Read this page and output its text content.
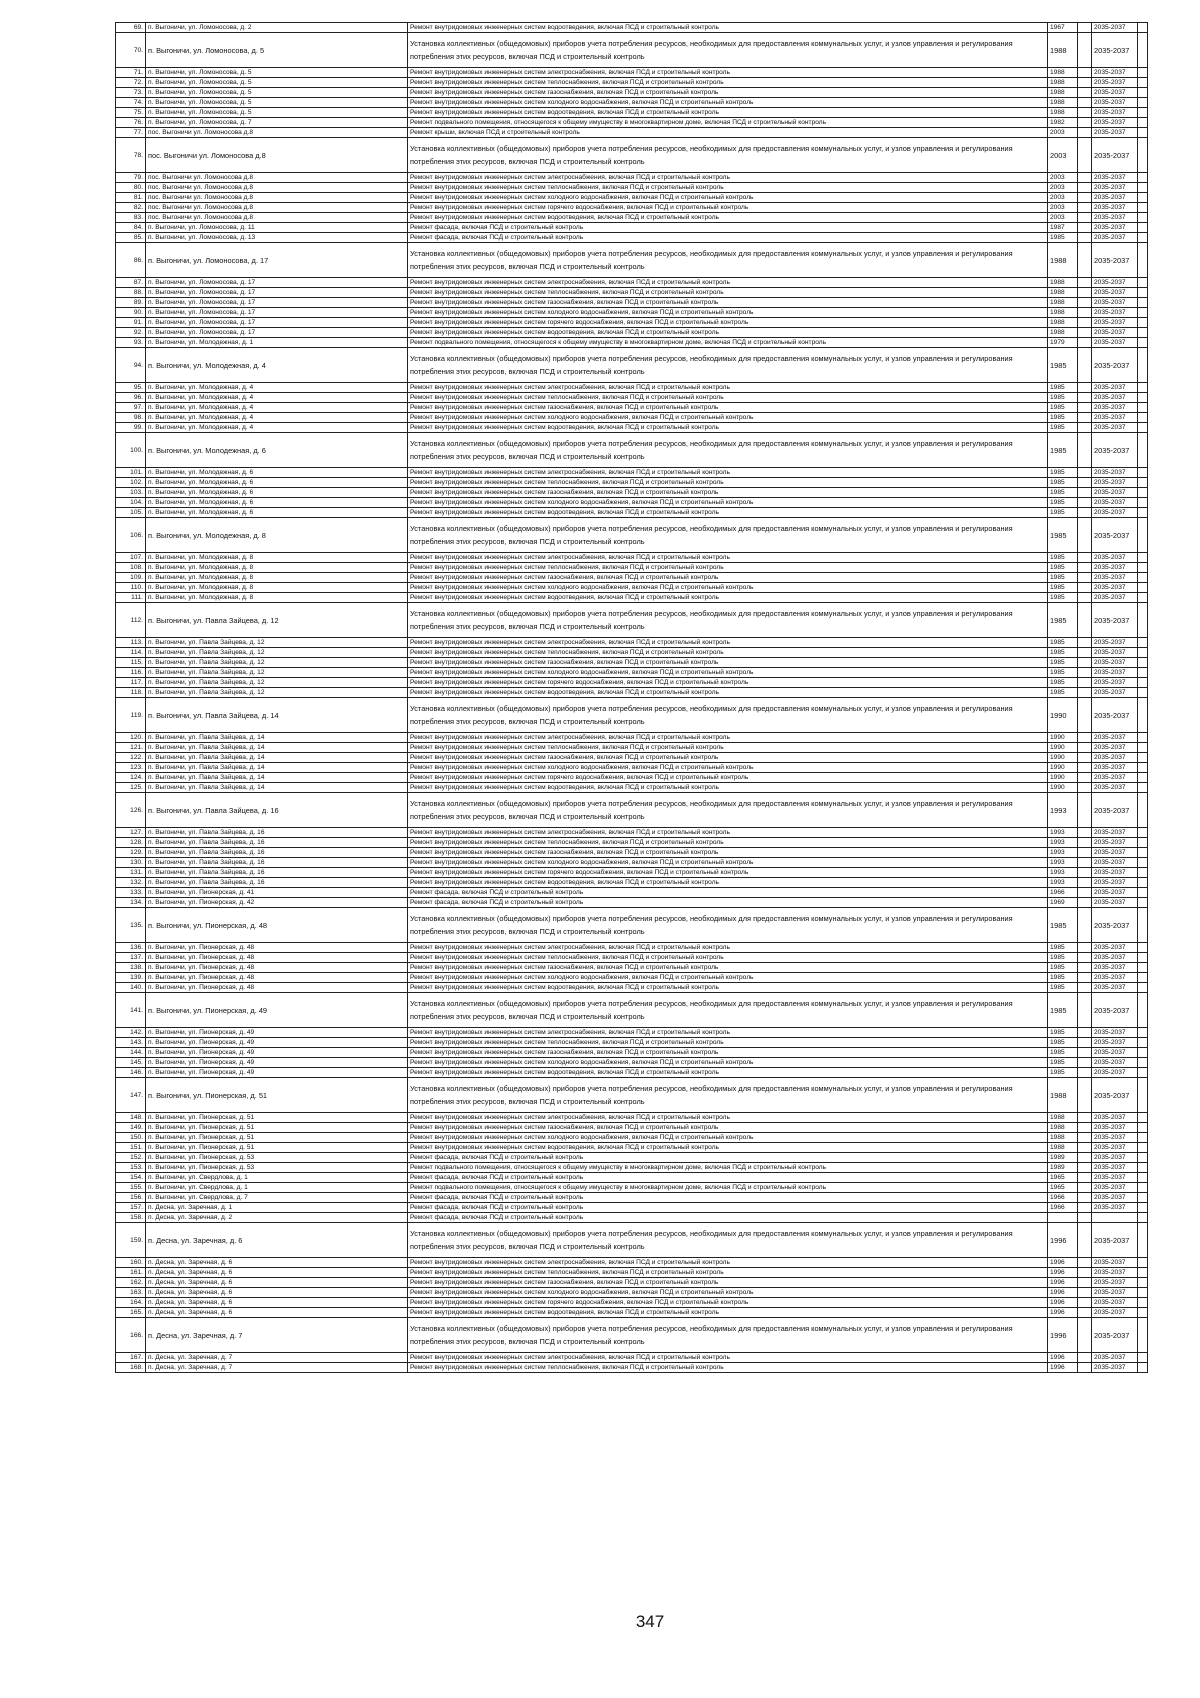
69.	п. Выгоничи, ул. Ломоносова, д. 2	Ремонт внутридомовых инженерных систем водоотведения, включая ПСД и строительный контроль	1967		2035-2037	
70.	п. Выгоничи, ул. Ломоносова, д. 5	Установка коллективных (общедомовых) приборов учета потребления ресурсов, необходимых для предоставления коммунальных услуг, и узлов управления и регулирования потребления этих ресурсов, включая ПСД и строительный контроль	1988		2035-2037	
71.	п. Выгоничи, ул. Ломоносова, д. 5	Ремонт внутридомовых инженерных систем электроснабжения, включая ПСД и строительный контроль	1988		2035-2037	
72.	п. Выгоничи, ул. Ломоносова, д. 5	Ремонт внутридомовых инженерных систем теплоснабжения, включая ПСД и строительный контроль	1988		2035-2037	
73.	п. Выгоничи, ул. Ломоносова, д. 5	Ремонт внутридомовых инженерных систем газоснабжения, включая ПСД и строительный контроль	1988		2035-2037	
74.	п. Выгоничи, ул. Ломоносова, д. 5	Ремонт внутридомовых инженерных систем холодного водоснабжения, включая ПСД и строительный контроль	1988		2035-2037	
75.	п. Выгоничи, ул. Ломоносова, д. 5	Ремонт внутридомовых инженерных систем водоотведения, включая ПСД и строительный контроль	1988		2035-2037	
76.	п. Выгоничи, ул. Ломоносова, д. 7	Ремонт подвального помещения, относящегося к общему имуществу в многоквартирном доме, включая ПСД и строительный контроль	1982		2035-2037	
77.	пос. Выгоничи ул. Ломоносова д.8	Ремонт крыши, включая ПСД и строительный контроль	2003		2035-2037	
78.	пос. Выгоничи ул. Ломоносова д.8	Установка коллективных (общедомовых) приборов учета потребления ресурсов, необходимых для предоставления коммунальных услуг, и узлов управления и регулирования потребления этих ресурсов, включая ПСД и строительный контроль	2003		2035-2037	
79.	пос. Выгоничи ул. Ломоносова д.8	Ремонт внутридомовых инженерных систем электроснабжения, включая ПСД и строительный контроль	2003		2035-2037	
80.	пос. Выгоничи ул. Ломоносова д.8	Ремонт внутридомовых инженерных систем теплоснабжения, включая ПСД и строительный контроль	2003		2035-2037	
81.	пос. Выгоничи ул. Ломоносова д.8	Ремонт внутридомовых инженерных систем холодного водоснабжения, включая ПСД и строительный контроль	2003		2035-2037	
82.	пос. Выгоничи ул. Ломоносова д.8	Ремонт внутридомовых инженерных систем горячего водоснабжения, включая ПСД и строительный контроль	2003		2035-2037	
83.	пос. Выгоничи ул. Ломоносова д.8	Ремонт внутридомовых инженерных систем водоотведения, включая ПСД и строительный контроль	2003		2035-2037	
84.	п. Выгоничи, ул. Ломоносова, д. 11	Ремонт фасада, включая ПСД и строительный контроль	1987		2035-2037	
85.	п. Выгоничи, ул. Ломоносова, д. 13	Ремонт фасада, включая ПСД и строительный контроль	1985		2035-2037	
86.	п. Выгоничи, ул. Ломоносова, д. 17	Установка коллективных (общедомовых) приборов учета потребления ресурсов, необходимых для предоставления коммунальных услуг, и узлов управления и регулирования потребления этих ресурсов, включая ПСД и строительный контроль	1988		2035-2037	
87.	п. Выгоничи, ул. Ломоносова, д. 17	Ремонт внутридомовых инженерных систем электроснабжения, включая ПСД и строительный контроль	1988		2035-2037	
88.	п. Выгоничи, ул. Ломоносова, д. 17	Ремонт внутридомовых инженерных систем теплоснабжения, включая ПСД и строительный контроль	1988		2035-2037	
89.	п. Выгоничи, ул. Ломоносова, д. 17	Ремонт внутридомовых инженерных систем газоснабжения, включая ПСД и строительный контроль	1988		2035-2037	
90.	п. Выгоничи, ул. Ломоносова, д. 17	Ремонт внутридомовых инженерных систем холодного водоснабжения, включая ПСД и строительный контроль	1988		2035-2037	
91.	п. Выгоничи, ул. Ломоносова, д. 17	Ремонт внутридомовых инженерных систем горячего водоснабжения, включая ПСД и строительный контроль	1988		2035-2037	
92.	п. Выгоничи, ул. Ломоносова, д. 17	Ремонт внутридомовых инженерных систем водоотведения, включая ПСД и строительный контроль	1988		2035-2037	
93.	п. Выгоничи, ул. Молодежная, д. 1	Ремонт подвального помещения, относящегося к общему имуществу в многоквартирном доме, включая ПСД и строительный контроль	1979		2035-2037	
94.	п. Выгоничи, ул. Молодежная, д. 4	Установка коллективных (общедомовых) приборов учета потребления ресурсов, необходимых для предоставления коммунальных услуг, и узлов управления и регулирования потребления этих ресурсов, включая ПСД и строительный контроль	1985		2035-2037	
95.	п. Выгоничи, ул. Молодежная, д. 4	Ремонт внутридомовых инженерных систем электроснабжения, включая ПСД и строительный контроль	1985		2035-2037	
96.	п. Выгоничи, ул. Молодежная, д. 4	Ремонт внутридомовых инженерных систем теплоснабжения, включая ПСД и строительный контроль	1985		2035-2037	
97.	п. Выгоничи, ул. Молодежная, д. 4	Ремонт внутридомовых инженерных систем газоснабжения, включая ПСД и строительный контроль	1985		2035-2037	
98.	п. Выгоничи, ул. Молодежная, д. 4	Ремонт внутридомовых инженерных систем холодного водоснабжения, включая ПСД и строительный контроль	1985		2035-2037	
99.	п. Выгоничи, ул. Молодежная, д. 4	Ремонт внутридомовых инженерных систем водоотведения, включая ПСД и строительный контроль	1985		2035-2037	
100.	п. Выгоничи, ул. Молодежная, д. 6	Установка коллективных (общедомовых) приборов учета потребления ресурсов, необходимых для предоставления коммунальных услуг, и узлов управления и регулирования потребления этих ресурсов, включая ПСД и строительный контроль	1985		2035-2037	
101.	п. Выгоничи, ул. Молодежная, д. 6	Ремонт внутридомовых инженерных систем электроснабжения, включая ПСД и строительный контроль	1985		2035-2037	
102.	п. Выгоничи, ул. Молодежная, д. 6	Ремонт внутридомовых инженерных систем теплоснабжения, включая ПСД и строительный контроль	1985		2035-2037	
103.	п. Выгоничи, ул. Молодежная, д. 6	Ремонт внутридомовых инженерных систем газоснабжения, включая ПСД и строительный контроль	1985		2035-2037	
104.	п. Выгоничи, ул. Молодежная, д. 6	Ремонт внутридомовых инженерных систем холодного водоснабжения, включая ПСД и строительный контроль	1985		2035-2037	
105.	п. Выгоничи, ул. Молодежная, д. 6	Ремонт внутридомовых инженерных систем водоотведения, включая ПСД и строительный контроль	1985		2035-2037	
106.	п. Выгоничи, ул. Молодежная, д. 8	Установка коллективных (общедомовых) приборов учета потребления ресурсов, необходимых для предоставления коммунальных услуг, и узлов управления и регулирования потребления этих ресурсов, включая ПСД и строительный контроль	1985		2035-2037	
107.	п. Выгоничи, ул. Молодежная, д. 8	Ремонт внутридомовых инженерных систем электроснабжения, включая ПСД и строительный контроль	1985		2035-2037	
108.	п. Выгоничи, ул. Молодежная, д. 8	Ремонт внутридомовых инженерных систем теплоснабжения, включая ПСД и строительный контроль	1985		2035-2037	
109.	п. Выгоничи, ул. Молодежная, д. 8	Ремонт внутридомовых инженерных систем газоснабжения, включая ПСД и строительный контроль	1985		2035-2037	
110.	п. Выгоничи, ул. Молодежная, д. 8	Ремонт внутридомовых инженерных систем холодного водоснабжения, включая ПСД и строительный контроль	1985		2035-2037	
111.	п. Выгоничи, ул. Молодежная, д. 8	Ремонт внутридомовых инженерных систем водоотведения, включая ПСД и строительный контроль	1985		2035-2037	
112.	п. Выгоничи, ул. Павла Зайцева, д. 12	Установка коллективных (общедомовых) приборов учета потребления ресурсов, необходимых для предоставления коммунальных услуг, и узлов управления и регулирования потребления этих ресурсов, включая ПСД и строительный контроль	1985		2035-2037	
113.	п. Выгоничи, ул. Павла Зайцева, д. 12	Ремонт внутридомовых инженерных систем электроснабжения, включая ПСД и строительный контроль	1985		2035-2037	
114.	п. Выгоничи, ул. Павла Зайцева, д. 12	Ремонт внутридомовых инженерных систем теплоснабжения, включая ПСД и строительный контроль	1985		2035-2037	
115.	п. Выгоничи, ул. Павла Зайцева, д. 12	Ремонт внутридомовых инженерных систем газоснабжения, включая ПСД и строительный контроль	1985		2035-2037	
116.	п. Выгоничи, ул. Павла Зайцева, д. 12	Ремонт внутридомовых инженерных систем холодного водоснабжения, включая ПСД и строительный контроль	1985		2035-2037	
117.	п. Выгоничи, ул. Павла Зайцева, д. 12	Ремонт внутридомовых инженерных систем горячего водоснабжения, включая ПСД и строительный контроль	1985		2035-2037	
118.	п. Выгоничи, ул. Павла Зайцева, д. 12	Ремонт внутридомовых инженерных систем водоотведения, включая ПСД и строительный контроль	1985		2035-2037	
119.	п. Выгоничи, ул. Павла Зайцева, д. 14	Установка коллективных (общедомовых) приборов учета потребления ресурсов, необходимых для предоставления коммунальных услуг, и узлов управления и регулирования потребления этих ресурсов, включая ПСД и строительный контроль	1990		2035-2037	
120.	п. Выгоничи, ул. Павла Зайцева, д. 14	Ремонт внутридомовых инженерных систем электроснабжения, включая ПСД и строительный контроль	1990		2035-2037	
121.	п. Выгоничи, ул. Павла Зайцева, д. 14	Ремонт внутридомовых инженерных систем теплоснабжения, включая ПСД и строительный контроль	1990		2035-2037	
122.	п. Выгоничи, ул. Павла Зайцева, д. 14	Ремонт внутридомовых инженерных систем газоснабжения, включая ПСД и строительный контроль	1990		2035-2037	
123.	п. Выгоничи, ул. Павла Зайцева, д. 14	Ремонт внутридомовых инженерных систем холодного водоснабжения, включая ПСД и строительный контроль	1990		2035-2037	
124.	п. Выгоничи, ул. Павла Зайцева, д. 14	Ремонт внутридомовых инженерных систем горячего водоснабжения, включая ПСД и строительный контроль	1990		2035-2037	
125.	п. Выгоничи, ул. Павла Зайцева, д. 14	Ремонт внутридомовых инженерных систем водоотведения, включая ПСД и строительный контроль	1990		2035-2037	
126.	п. Выгоничи, ул. Павла Зайцева, д. 16	Установка коллективных (общедомовых) приборов учета потребления ресурсов, необходимых для предоставления коммунальных услуг, и узлов управления и регулирования потребления этих ресурсов, включая ПСД и строительный контроль	1993		2035-2037	
127.	п. Выгоничи, ул. Павла Зайцева, д. 16	Ремонт внутридомовых инженерных систем электроснабжения, включая ПСД и строительный контроль	1993		2035-2037	
128.	п. Выгоничи, ул. Павла Зайцева, д. 16	Ремонт внутридомовых инженерных систем теплоснабжения, включая ПСД и строительный контроль	1993		2035-2037	
129.	п. Выгоничи, ул. Павла Зайцева, д. 16	Ремонт внутридомовых инженерных систем газоснабжения, включая ПСД и строительный контроль	1993		2035-2037	
130.	п. Выгоничи, ул. Павла Зайцева, д. 16	Ремонт внутридомовых инженерных систем холодного водоснабжения, включая ПСД и строительный контроль	1993		2035-2037	
131.	п. Выгоничи, ул. Павла Зайцева, д. 16	Ремонт внутридомовых инженерных систем горячего водоснабжения, включая ПСД и строительный контроль	1993		2035-2037	
132.	п. Выгоничи, ул. Павла Зайцева, д. 16	Ремонт внутридомовых инженерных систем водоотведения, включая ПСД и строительный контроль	1993		2035-2037	
133.	п. Выгоничи, ул. Пионерская, д. 41	Ремонт фасада, включая ПСД и строительный контроль	1966		2035-2037	
134.	п. Выгоничи, ул. Пионерская, д. 42	Ремонт фасада, включая ПСД и строительный контроль	1969		2035-2037	
135.	п. Выгоничи, ул. Пионерская, д. 48	Установка коллективных (общедомовых) приборов учета потребления ресурсов, необходимых для предоставления коммунальных услуг, и узлов управления и регулирования потребления этих ресурсов, включая ПСД и строительный контроль	1985		2035-2037	
136.	п. Выгоничи, ул. Пионерская, д. 48	Ремонт внутридомовых инженерных систем электроснабжения, включая ПСД и строительный контроль	1985		2035-2037	
137.	п. Выгоничи, ул. Пионерская, д. 48	Ремонт внутридомовых инженерных систем теплоснабжения, включая ПСД и строительный контроль	1985		2035-2037	
138.	п. Выгоничи, ул. Пионерская, д. 48	Ремонт внутридомовых инженерных систем газоснабжения, включая ПСД и строительный контроль	1985		2035-2037	
139.	п. Выгоничи, ул. Пионерская, д. 48	Ремонт внутридомовых инженерных систем холодного водоснабжения, включая ПСД и строительный контроль	1985		2035-2037	
140.	п. Выгоничи, ул. Пионерская, д. 48	Ремонт внутридомовых инженерных систем водоотведения, включая ПСД и строительный контроль	1985		2035-2037	
141.	п. Выгоничи, ул. Пионерская, д. 49	Установка коллективных (общедомовых) приборов учета потребления ресурсов, необходимых для предоставления коммунальных услуг, и узлов управления и регулирования потребления этих ресурсов, включая ПСД и строительный контроль	1985		2035-2037	
142.	п. Выгоничи, ул. Пионерская, д. 49	Ремонт внутридомовых инженерных систем электроснабжения, включая ПСД и строительный контроль	1985		2035-2037	
143.	п. Выгоничи, ул. Пионерская, д. 49	Ремонт внутридомовых инженерных систем теплоснабжения, включая ПСД и строительный контроль	1985		2035-2037	
144.	п. Выгоничи, ул. Пионерская, д. 49	Ремонт внутридомовых инженерных систем газоснабжения, включая ПСД и строительный контроль	1985		2035-2037	
145.	п. Выгоничи, ул. Пионерская, д. 49	Ремонт внутридомовых инженерных систем холодного водоснабжения, включая ПСД и строительный контроль	1985		2035-2037	
146.	п. Выгоничи, ул. Пионерская, д. 49	Ремонт внутридомовых инженерных систем водоотведения, включая ПСД и строительный контроль	1985		2035-2037	
147.	п. Выгоничи, ул. Пионерская, д. 51	Установка коллективных (общедомовых) приборов учета потребления ресурсов, необходимых для предоставления коммунальных услуг, и узлов управления и регулирования потребления этих ресурсов, включая ПСД и строительный контроль	1988		2035-2037	
148.	п. Выгоничи, ул. Пионерская, д. 51	Ремонт внутридомовых инженерных систем электроснабжения, включая ПСД и строительный контроль	1988		2035-2037	
149.	п. Выгоничи, ул. Пионерская, д. 51	Ремонт внутридомовых инженерных систем газоснабжения, включая ПСД и строительный контроль	1988		2035-2037	
150.	п. Выгоничи, ул. Пионерская, д. 51	Ремонт внутридомовых инженерных систем холодного водоснабжения, включая ПСД и строительный контроль	1988		2035-2037	
151.	п. Выгоничи, ул. Пионерская, д. 51	Ремонт внутридомовых инженерных систем водоотведения, включая ПСД и строительный контроль	1988		2035-2037	
152.	п. Выгоничи, ул. Пионерская, д. 53	Ремонт фасада, включая ПСД и строительный контроль	1989		2035-2037	
153.	п. Выгоничи, ул. Пионерская, д. 53	Ремонт подвального помещения, относящегося к общему имуществу в многоквартирном доме, включая ПСД и строительный контроль	1989		2035-2037	
154.	п. Выгоничи, ул. Свердлова, д. 1	Ремонт фасада, включая ПСД и строительный контроль	1965		2035-2037	
155.	п. Выгоничи, ул. Свердлова, д. 1	Ремонт подвального помещения, относящегося к общему имуществу в многоквартирном доме, включая ПСД и строительный контроль	1965		2035-2037	
156.	п. Выгоничи, ул. Свердлова, д. 7	Ремонт фасада, включая ПСД и строительный контроль	1966		2035-2037	
157.	п. Десна, ул. Заречная, д. 1	Ремонт фасада, включая ПСД и строительный контроль	1966		2035-2037	
158.	п. Десна, ул. Заречная, д. 2	Ремонт фасада, включая ПСД и строительный контроль				
159.	п. Десна, ул. Заречная, д. 6	Установка коллективных (общедомовых) приборов учета потребления ресурсов, необходимых для предоставления коммунальных услуг, и узлов управления и регулирования потребления этих ресурсов, включая ПСД и строительный контроль	1996		2035-2037	
160.	п. Десна, ул. Заречная, д. 6	Ремонт внутридомовых инженерных систем электроснабжения, включая ПСД и строительный контроль	1996		2035-2037	
161.	п. Десна, ул. Заречная, д. 6	Ремонт внутридомовых инженерных систем теплоснабжения, включая ПСД и строительный контроль	1996		2035-2037	
162.	п. Десна, ул. Заречная, д. 6	Ремонт внутридомовых инженерных систем газоснабжения, включая ПСД и строительный контроль	1996		2035-2037	
163.	п. Десна, ул. Заречная, д. 6	Ремонт внутридомовых инженерных систем холодного водоснабжения, включая ПСД и строительный контроль	1996		2035-2037	
164.	п. Десна, ул. Заречная, д. 6	Ремонт внутридомовых инженерных систем горячего водоснабжения, включая ПСД и строительный контроль	1996		2035-2037	
165.	п. Десна, ул. Заречная, д. 6	Ремонт внутридомовых инженерных систем водоотведения, включая ПСД и строительный контроль	1996		2035-2037	
166.	п. Десна, ул. Заречная, д. 7	Установка коллективных (общедомовых) приборов учета потребления ресурсов, необходимых для предоставления коммунальных услуг, и узлов управления и регулирования потребления этих ресурсов, включая ПСД и строительный контроль	1996		2035-2037	
167.	п. Десна, ул. Заречная, д. 7	Ремонт внутридомовых инженерных систем электроснабжения, включая ПСД и строительный контроль	1996		2035-2037	
168.	п. Десна, ул. Заречная, д. 7	Ремонт внутридомовых инженерных систем теплоснабжения, включая ПСД и строительный контроль	1996		2035-2037	
347
